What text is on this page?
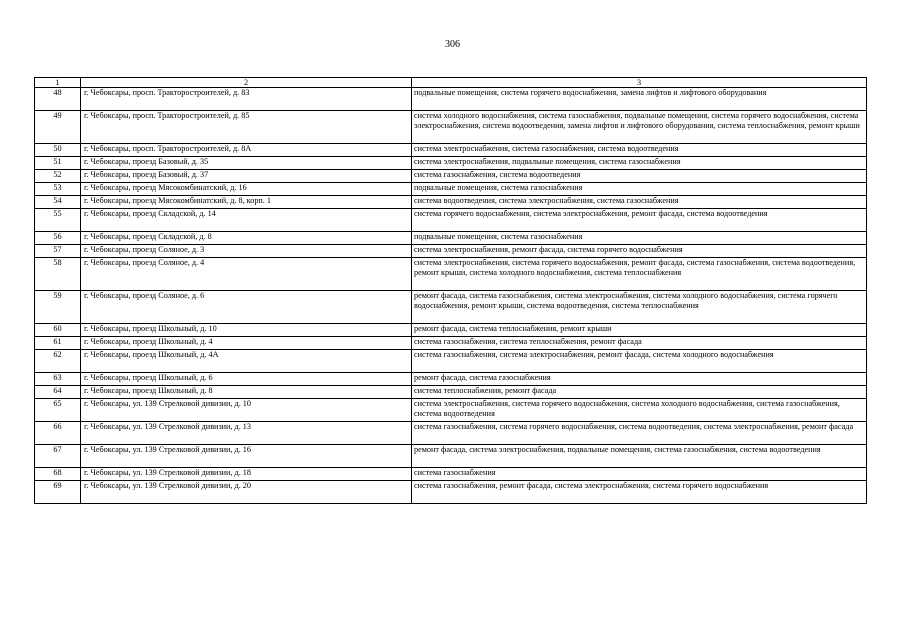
306
1	2	3
48	г. Чебоксары, просп. Тракторостроителей, д. 83	подвальные помещения, система горячего водоснабжения, замена лифтов и лифтового оборудования
49	г. Чебоксары, просп. Тракторостроителей, д. 85	система холодного водоснабжения, система газоснабжения, подвальные помещения, система горячего водоснабжения, система электроснабжения, система водоотведения, замена лифтов и лифтового оборудования, система теплоснабжения, ремонт крыши
50	г. Чебоксары, просп. Тракторостроителей, д. 8А	система электроснабжения, система газоснабжения, система водоотведения
51	г. Чебоксары, проезд Базовый, д. 35	система электроснабжения, подвальные помещения, система газоснабжения
52	г. Чебоксары, проезд Базовый, д. 37	система газоснабжения, система водоотведения
53	г. Чебоксары, проезд Мясокомбинатский, д. 16	подвальные помещения, система газоснабжения
54	г. Чебоксары, проезд Мясокомбинатский, д. 8, корп. 1	система водоотведения, система электроснабжения, система газоснабжения
55	г. Чебоксары, проезд Складской, д. 14	система горячего водоснабжения, система электроснабжения, ремонт фасада, система водоотведения
56	г. Чебоксары, проезд Складской, д. 8	подвальные помещения, система газоснабжения
57	г. Чебоксары, проезд Соляное, д. 3	система электроснабжения, ремонт фасада, система горячего водоснабжения
58	г. Чебоксары, проезд Соляное, д. 4	система электроснабжения, система горячего водоснабжения, ремонт фасада, система газоснабжения, система водоотведения, ремонт крыши, система холодного водоснабжения, система теплоснабжения
59	г. Чебоксары, проезд Соляное, д. 6	ремонт фасада, система газоснабжения, система электроснабжения, система холодного водоснабжения, система горячего водоснабжения, ремонт крыши, система водоотведения, система теплоснабжения
60	г. Чебоксары, проезд Школьный, д. 10	ремонт фасада, система теплоснабжения, ремонт крыши
61	г. Чебоксары, проезд Школьный, д. 4	система газоснабжения, система теплоснабжения, ремонт фасада
62	г. Чебоксары, проезд Школьный, д. 4А	система газоснабжения, система электроснабжения, ремонт фасада, система холодного водоснабжения
63	г. Чебоксары, проезд Школьный, д. 6	ремонт фасада, система газоснабжения
64	г. Чебоксары, проезд Школьный, д. 8	система теплоснабжения, ремонт фасада
65	г. Чебоксары, ул. 139 Стрелковой дивизии, д. 10	система электроснабжения, система горячего водоснабжения, система холодного водоснабжения, система газоснабжения, система водоотведения
66	г. Чебоксары, ул. 139 Стрелковой дивизии, д. 13	система газоснабжения, система горячего водоснабжения, система водоотведения, система электроснабжения, ремонт фасада
67	г. Чебоксары, ул. 139 Стрелковой дивизии, д. 16	ремонт фасада, система электроснабжения, подвальные помещения, система газоснабжения, система водоотведения
68	г. Чебоксары, ул. 139 Стрелковой дивизии, д. 18	система газоснабжения
69	г. Чебоксары, ул. 139 Стрелковой дивизии, д. 20	система газоснабжения, ремонт фасада, система электроснабжения, система горячего водоснабжения
